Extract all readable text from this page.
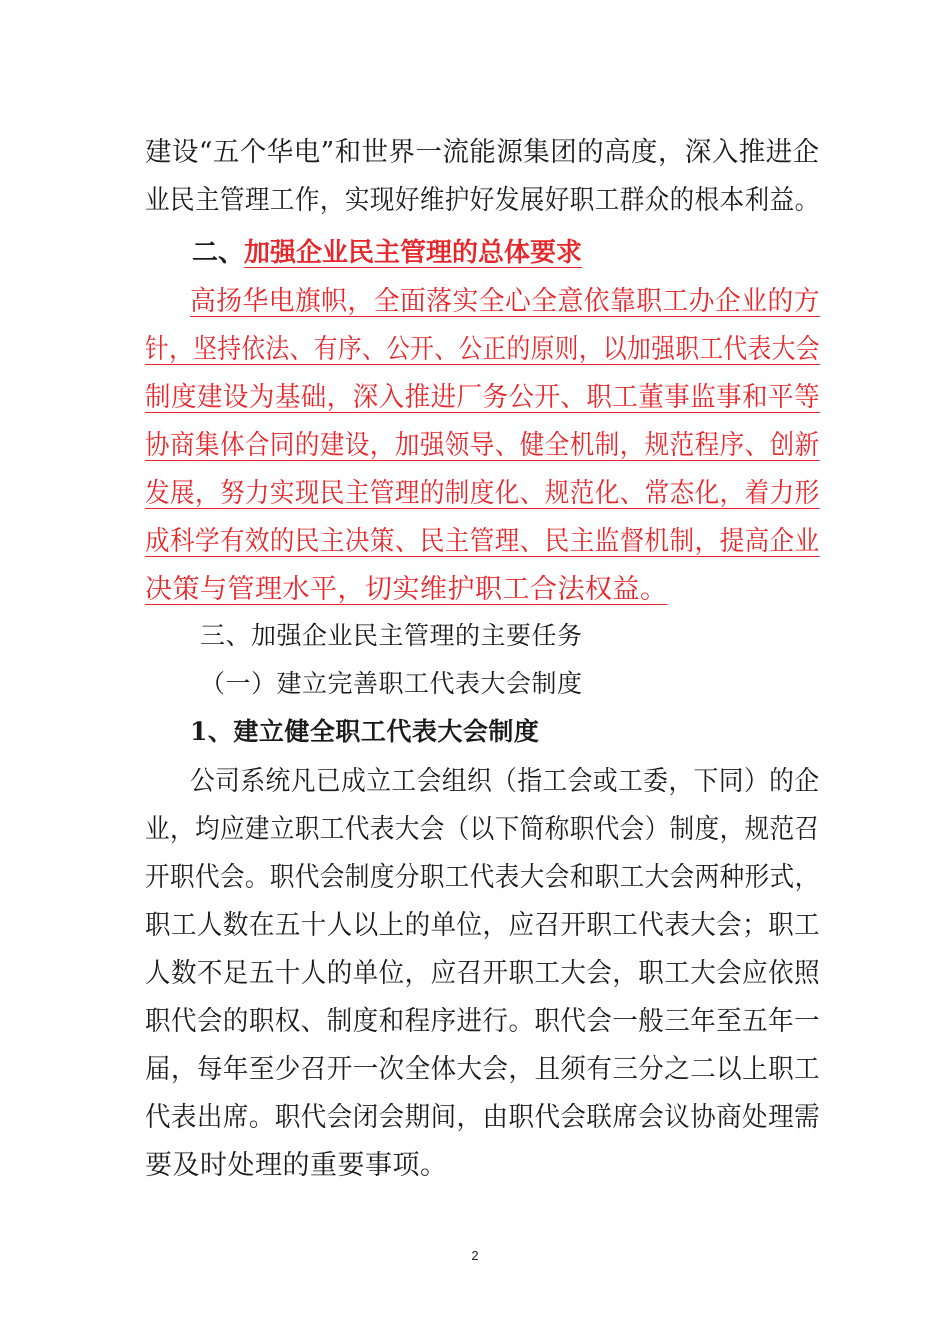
建设“五个华电”和世界一流能源集团的高度，深入推进企
业民主管理工作，实现好维护好发展好职工群众的根本利益。
二、加强企业民主管理的总体要求
高扬华电旗帜，全面落实全心全意依靠职工办企业的方
针，坚持依法、有序、公开、公正的原则，以加强职工代表大会
制度建设为基础，深入推进厂务公开、职工董事监事和平等
协商集体合同的建设，加强领导、健全机制，规范程序、创新
发展，努力实现民主管理的制度化、规范化、常态化，着力形
成科学有效的民主决策、民主管理、民主监督机制，提高企业
决策与管理水平，切实维护职工合法权益。
三、加强企业民主管理的主要任务
（一）建立完善职工代表大会制度
1、建立健全职工代表大会制度
公司系统凡已成立工会组织（指工会或工委，下同）的企
业，均应建立职工代表大会（以下简称职代会）制度，规范召
开职代会。职代会制度分职工代表大会和职工大会两种形式，
职工人数在五十人以上的单位，应召开职工代表大会；职工
人数不足五十人的单位，应召开职工大会，职工大会应依照
职代会的职权、制度和程序进行。职代会一般三年至五年一
届，每年至少召开一次全体大会，且须有三分之二以上职工
代表出席。职代会闭会期间，由职代会联席会议协商处理需
要及时处理的重要事项。
2
